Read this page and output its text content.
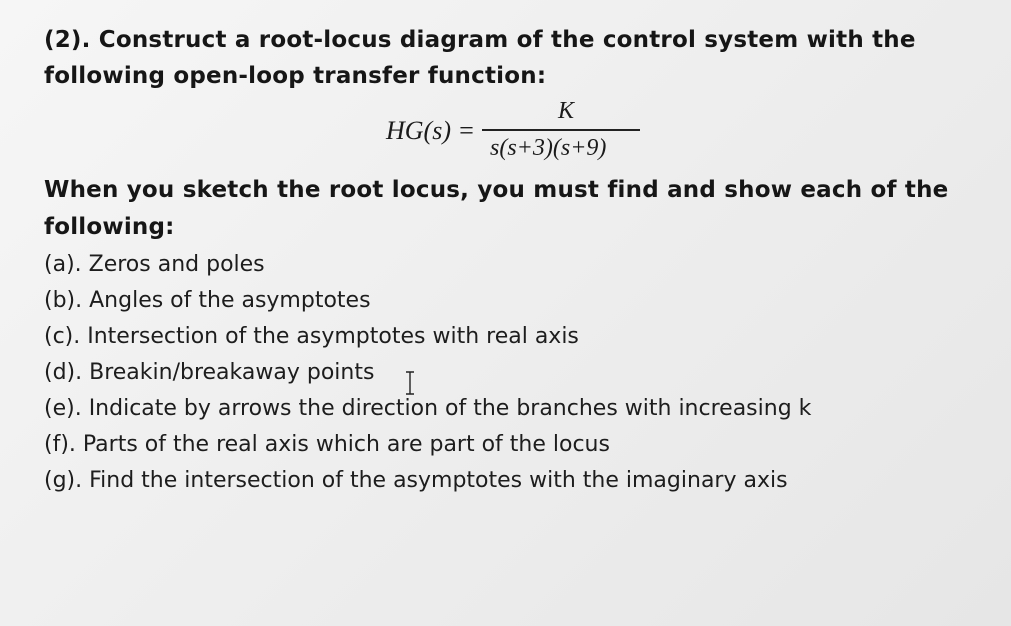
(2). Construct a root-locus diagram of the control system with the
following open-loop transfer function:
HG(s) =
K
s(s+3)(s+9)
When you sketch the root locus, you must find and show each of the
following:
(a). Zeros and poles
(b). Angles of the asymptotes
(c). Intersection of the asymptotes with real axis
(d). Breakin/breakaway points
(e). Indicate by arrows the direction of the branches with increasing k
(f). Parts of the real axis which are part of the locus
(g). Find the intersection of the asymptotes with the imaginary axis
